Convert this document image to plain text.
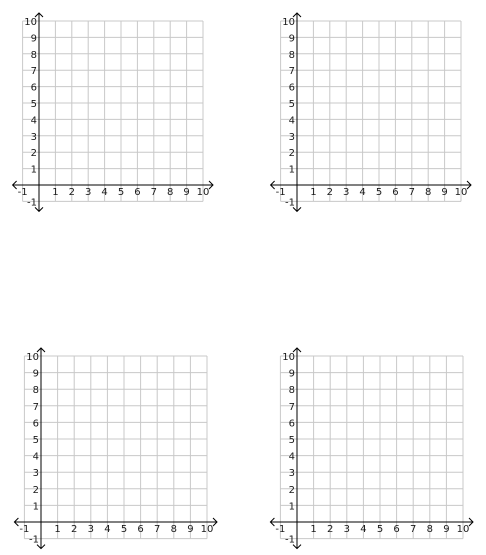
-1 1 2 3 4 5 6 7 8 9 10
10
9
8
7
6
5
4
3
2
1
-1
-1 1 2 3 4 5 6 7 8 9 10
10
9
8
7
6
5
4
3
2
1
-1
-1	1 2 3 4 5 6 7 8 9 10
10
9
8
7
6
5
4
3
2
1
-1
-1	1 2 3 4 5 6 7 8 9 10
10
9
8
7
6
5
4
3
2
1
-1
